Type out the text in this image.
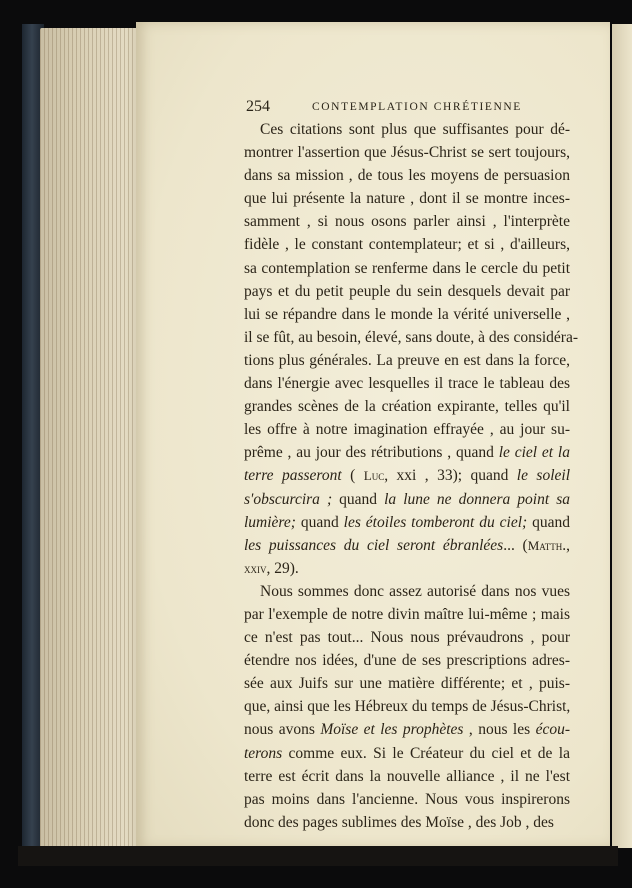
254	CONTEMPLATION CHRÉTIENNE

Ces citations sont plus que suffisantes pour dé-
montrer l'assertion que Jésus-Christ se sert toujours,
dans sa mission , de tous les moyens de persuasion
que lui présente la nature , dont il se montre inces-
samment , si nous osons parler ainsi , l'interprète
fidèle , le constant contemplateur; et si , d'ailleurs,
sa contemplation se renferme dans le cercle du petit
pays et du petit peuple du sein desquels devait par
lui se répandre dans le monde la vérité universelle ,
il se fût, au besoin, élevé, sans doute, à des considéra-
tions plus générales. La preuve en est dans la force,
dans l'énergie avec lesquelles il trace le tableau des
grandes scènes de la création expirante, telles qu'il
les offre à notre imagination effrayée , au jour su-
prême , au jour des rétributions , quand le ciel et la
terre passeront ( Luc, xxi , 33); quand le soleil
s'obscurcira ; quand la lune ne donnera point sa
lumière; quand les étoiles tomberont du ciel; quand
les puissances du ciel seront ébranlées... (Matth.,
xxiv, 29).

Nous sommes donc assez autorisé dans nos vues
par l'exemple de notre divin maître lui-même ; mais
ce n'est pas tout... Nous nous prévaudrons , pour
étendre nos idées, d'une de ses prescriptions adres-
sée aux Juifs sur une matière différente; et , puis-
que, ainsi que les Hébreux du temps de Jésus-Christ,
nous avons Moïse et les prophètes , nous les écou-
terons comme eux. Si le Créateur du ciel et de la
terre est écrit dans la nouvelle alliance , il ne l'est
pas moins dans l'ancienne. Nous vous inspirerons
donc des pages sublimes des Moïse , des Job , des
